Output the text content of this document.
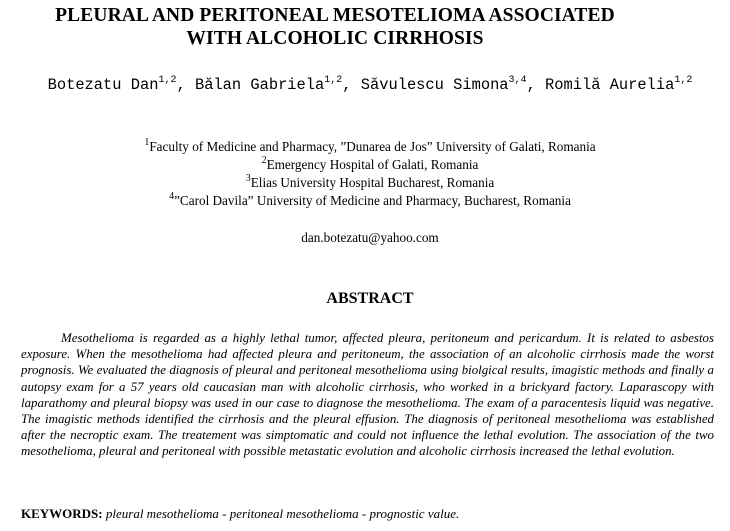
PLEURAL AND PERITONEAL MESOTELIOMA ASSOCIATED
WITH ALCOHOLIC CIRRHOSIS
Botezatu Dan$^{1,2}$, Bălan Gabriela$^{1,2}$, Săvulescu Simona$^{3,4}$, Romilă Aurelia$^{1,2}$
$^1$Faculty of Medicine and Pharmacy, ”Dunarea de Jos” University of Galati, Romania
$^2$Emergency Hospital of Galati, Romania
$^3$Elias University Hospital Bucharest, Romania
$^4$”Carol Davila” University of Medicine and Pharmacy, Bucharest, Romania
dan.botezatu@yahoo.com
ABSTRACT

Mesothelioma is regarded as a highly lethal tumor, affected pleura, peritoneum and pericardum. It is related to asbestos exposure. When the mesothelioma had affected pleura and peritoneum, the association of an alcoholic cirrhosis made the worst prognosis. We evaluated the diagnosis of pleural and peritoneal mesothelioma using biolgical results, imagistic methods and finally a autopsy exam for a 57 years old caucasian man with alcoholic cirrhosis, who worked in a brickyard factory. Laparascopy with laparathomy and pleural biopsy was used in our case to diagnose the mesothelioma. The exam of a paracentesis liquid was negative. The imagistic methods identified the cirrhosis and the pleural effusion. The diagnosis of peritoneal mesothelioma was established after the necroptic exam. The treatement was simptomatic and could not influence the lethal evolution. The association of the two mesothelioma, pleural and peritoneal with possible metastatic evolution and alcoholic cirrhosis increased the lethal evolution.

KEYWORDS: pleural mesothelioma - peritoneal mesothelioma - prognostic value.
